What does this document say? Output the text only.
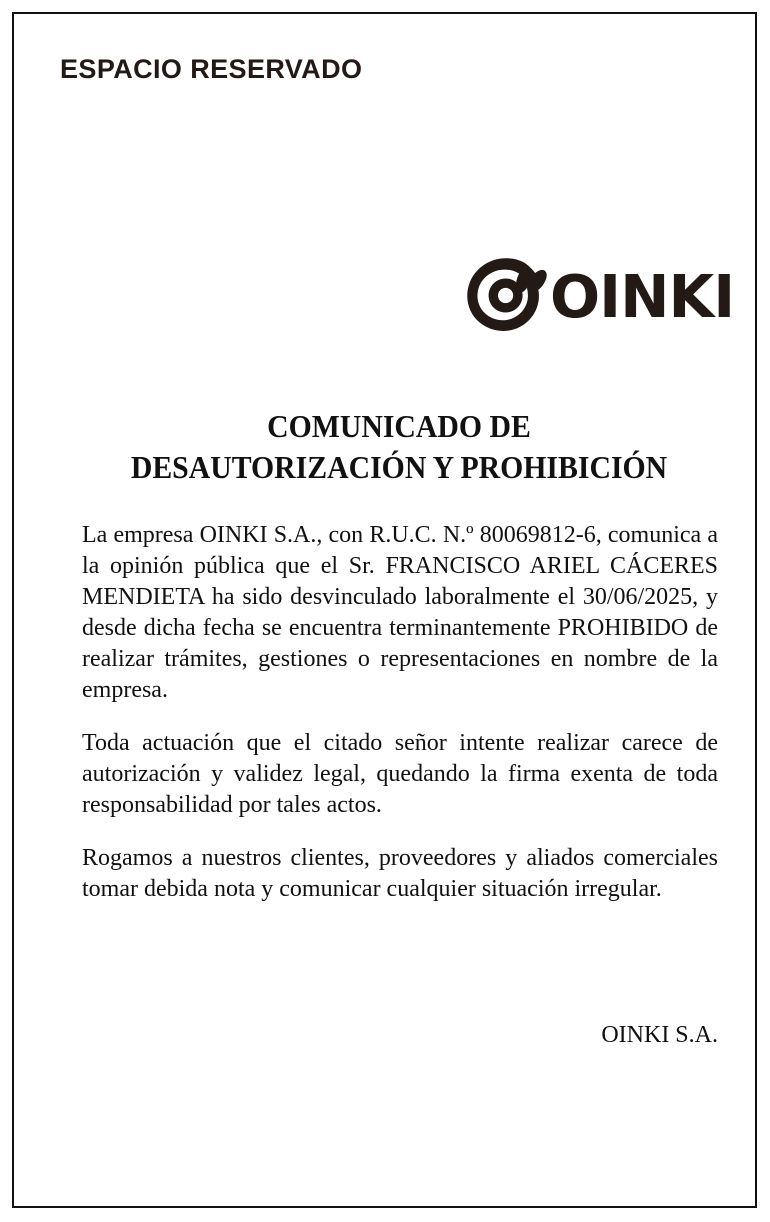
ESPACIO RESERVADO
OINKI
COMUNICADO DE
DESAUTORIZACIÓN Y PROHIBICIÓN

La empresa OINKI S.A., con R.U.C. N.º 80069812-6, comunica a la opinión pública que el Sr. FRANCISCO ARIEL CÁCERES MENDIETA ha sido desvinculado laboralmente el 30/06/2025, y desde dicha fecha se encuentra terminantemente PROHIBIDO de realizar trámites, gestiones o representaciones en nombre de la empresa.

Toda actuación que el citado señor intente realizar carece de autorización y validez legal, quedando la firma exenta de toda responsabilidad por tales actos.

Rogamos a nuestros clientes, proveedores y aliados comerciales tomar debida nota y comunicar cualquier situación irregular.

OINKI S.A.
